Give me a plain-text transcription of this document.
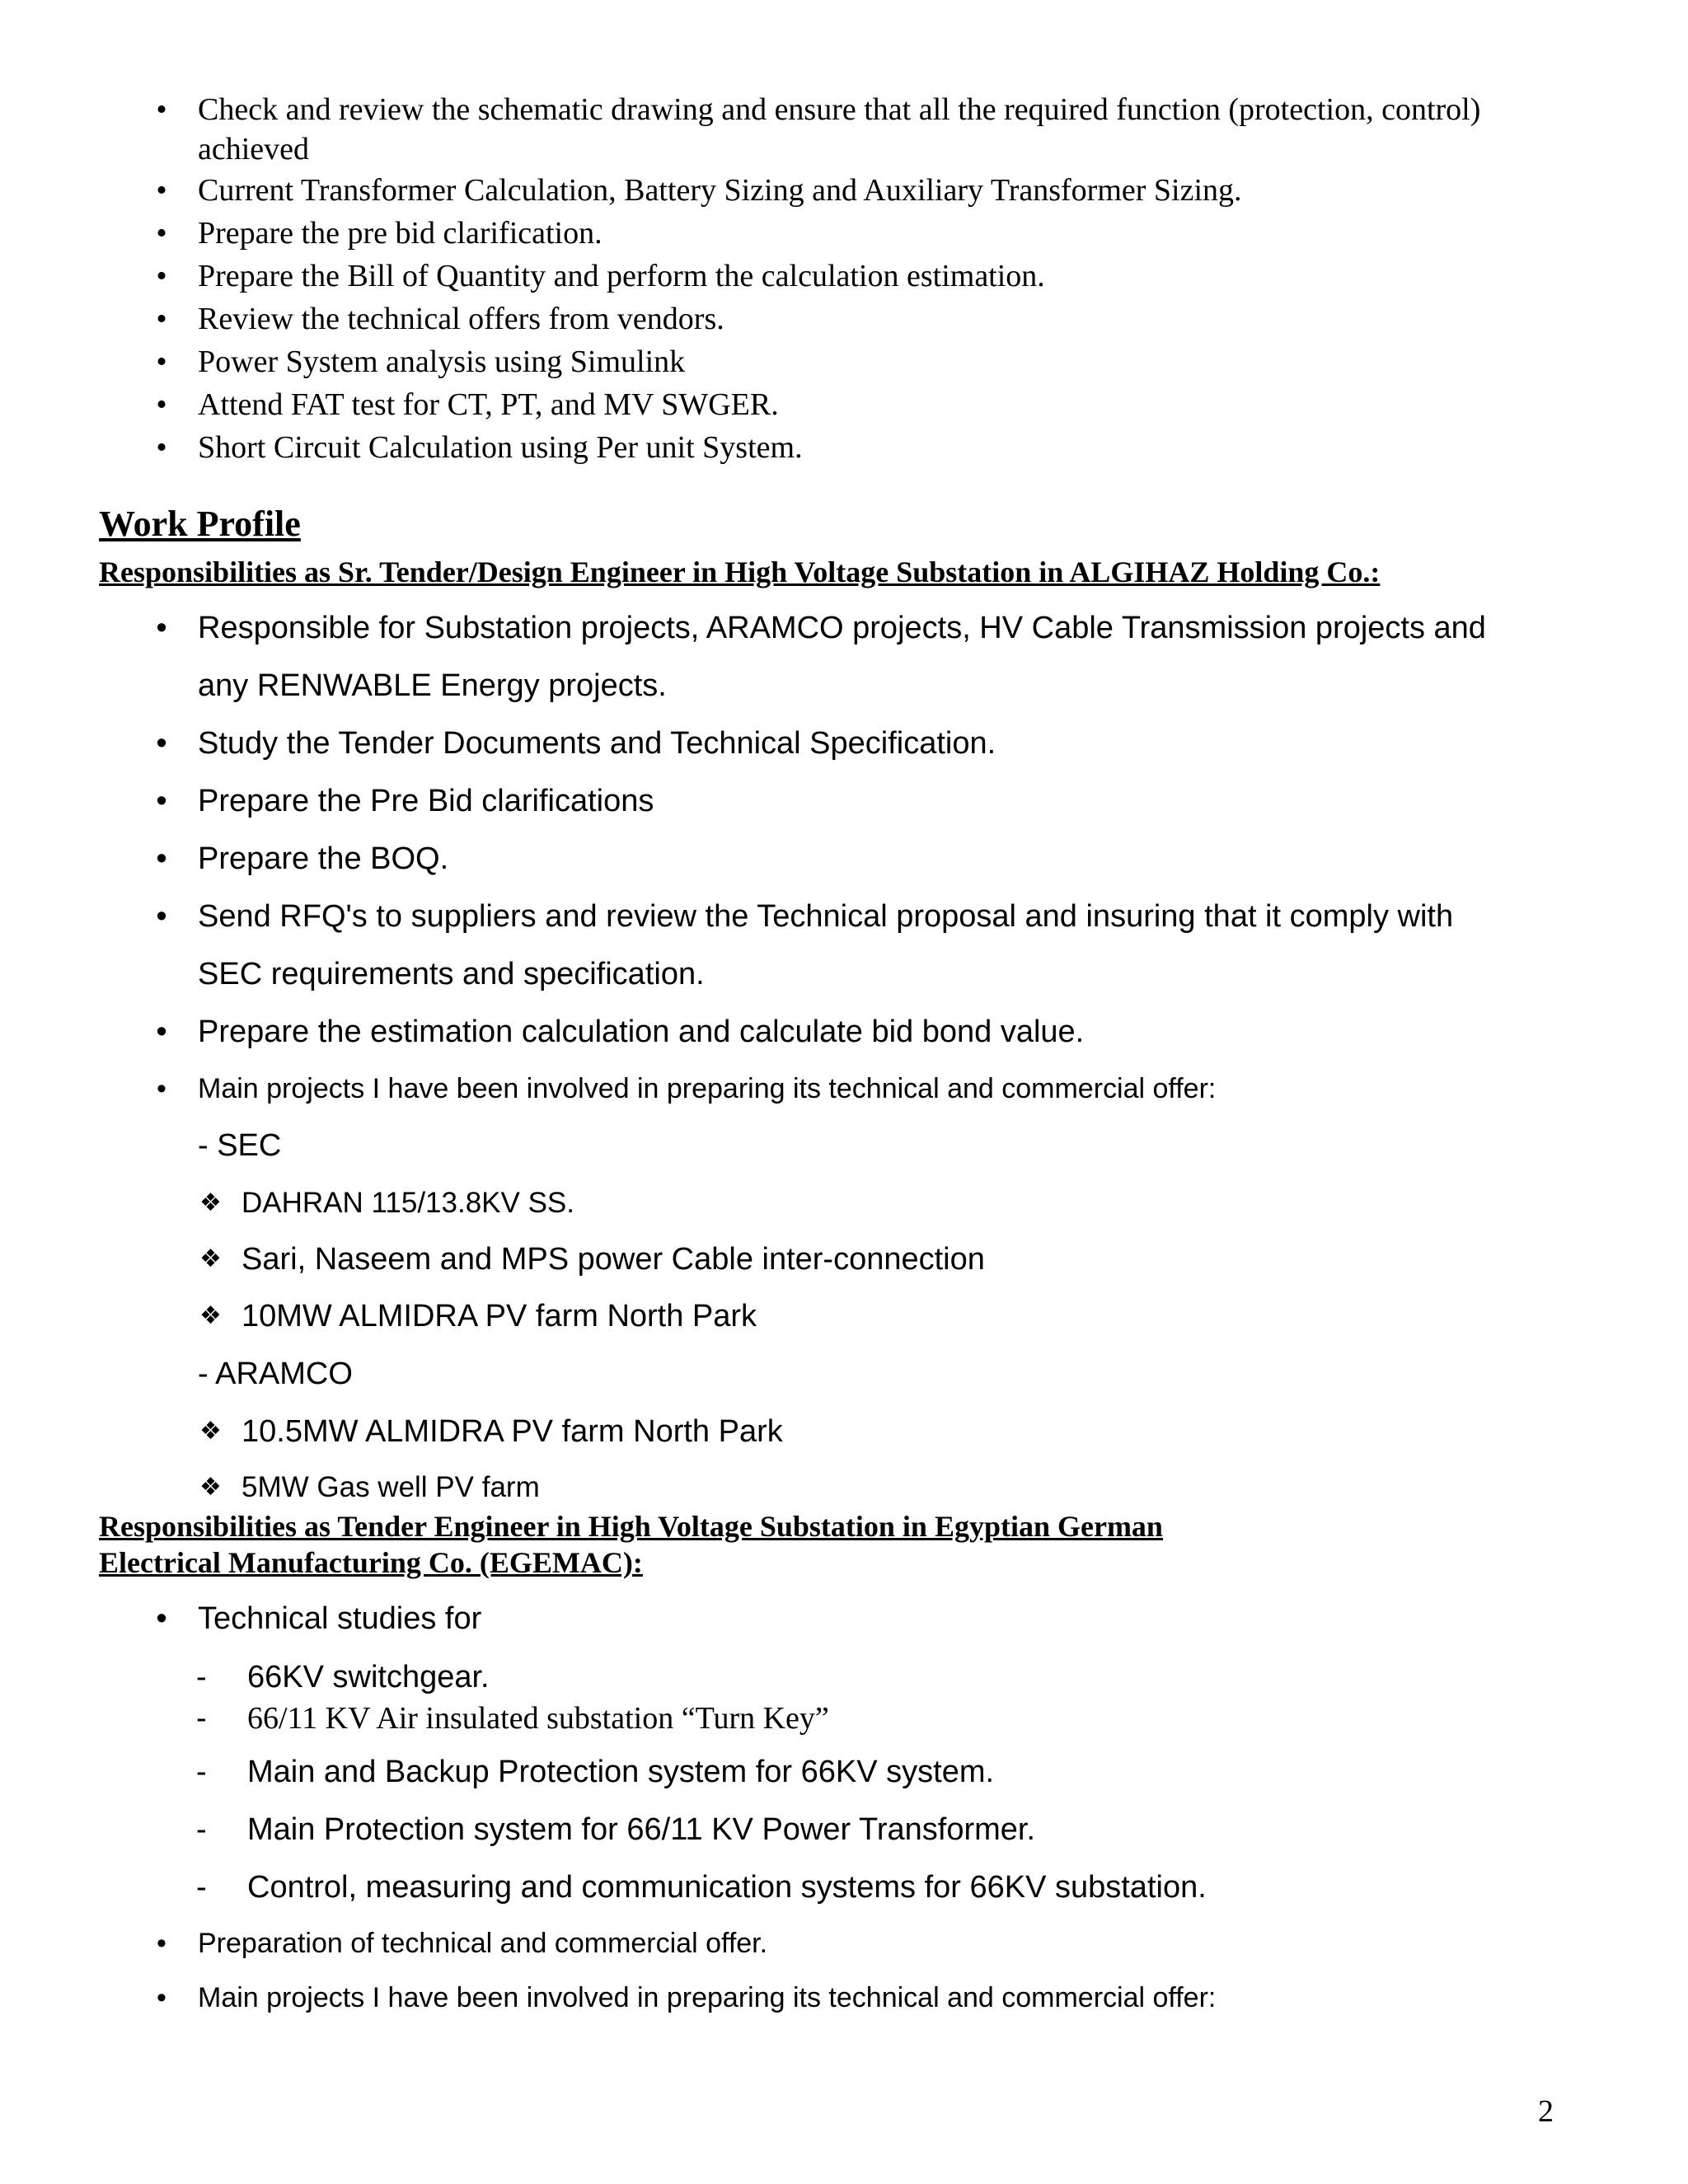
• Check and review the schematic drawing and ensure that all the required function (protection, control)
achieved
• Current Transformer Calculation, Battery Sizing and Auxiliary Transformer Sizing.
• Prepare the pre bid clarification.
• Prepare the Bill of Quantity and perform the calculation estimation.
• Review the technical offers from vendors.
• Power System analysis using Simulink
• Attend FAT test for CT, PT, and MV SWGER.
• Short Circuit Calculation using Per unit System.
Work Profile
Responsibilities as Sr. Tender/Design Engineer in High Voltage Substation in ALGIHAZ Holding Co.:
• Responsible for Substation projects, ARAMCO projects, HV Cable Transmission projects and
any RENWABLE Energy projects.
• Study the Tender Documents and Technical Specification.
• Prepare the Pre Bid clarifications
• Prepare the BOQ.
• Send RFQ's to suppliers and review the Technical proposal and insuring that it comply with
SEC requirements and specification.
• Prepare the estimation calculation and calculate bid bond value.
• Main projects I have been involved in preparing its technical and commercial offer:
- SEC
❖ DAHRAN 115/13.8KV SS.
❖ Sari, Naseem and MPS power Cable inter-connection
❖ 10MW ALMIDRA PV farm North Park
- ARAMCO
❖ 10.5MW ALMIDRA PV farm North Park
❖ 5MW Gas well PV farm
Responsibilities as Tender Engineer in High Voltage Substation in Egyptian German
Electrical Manufacturing Co. (EGEMAC):
• Technical studies for
- 66KV switchgear.
- 66/11 KV Air insulated substation “Turn Key”
- Main and Backup Protection system for 66KV system.
- Main Protection system for 66/11 KV Power Transformer.
- Control, measuring and communication systems for 66KV substation.
• Preparation of technical and commercial offer.
• Main projects I have been involved in preparing its technical and commercial offer:
2
